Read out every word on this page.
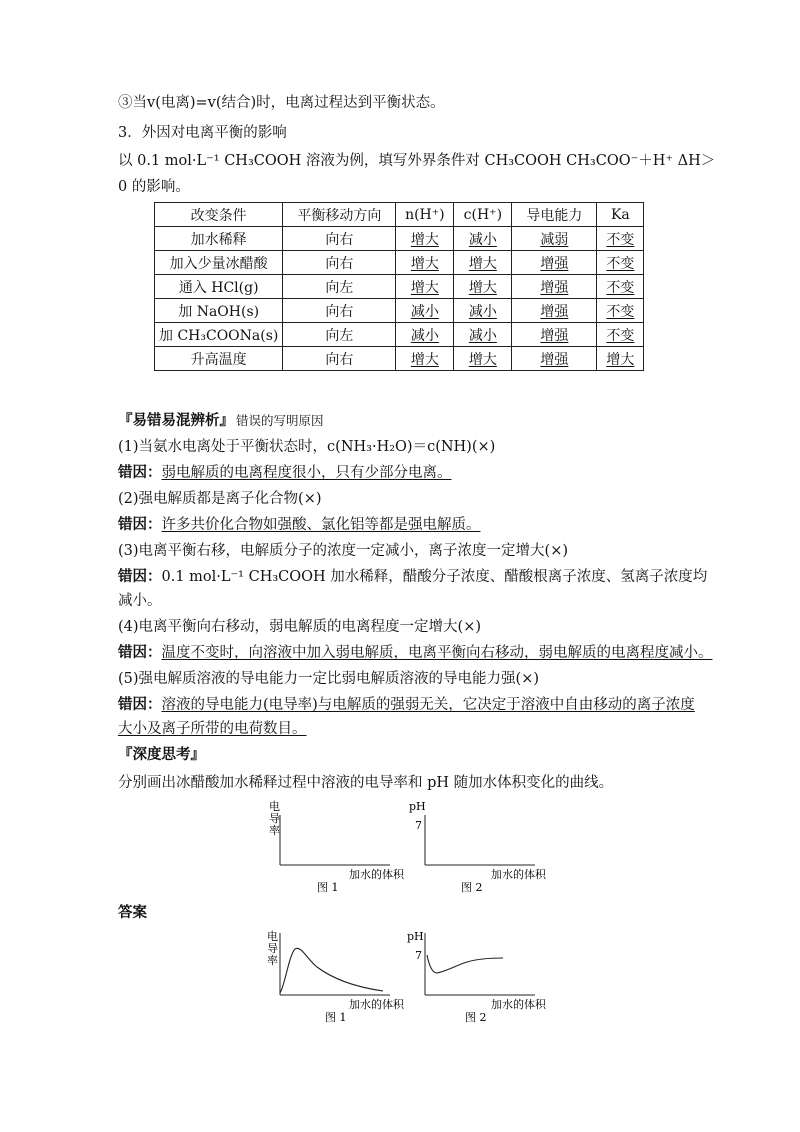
③当v(电离)=v(结合)时，电离过程达到平衡状态。
3．外因对电离平衡的影响
以 0.1 mol·L⁻¹ CH₃COOH 溶液为例，填写外界条件对 CH₃COOH CH₃COO⁻＋H⁺ ΔH＞
0 的影响。
改变条件	平衡移动方向	n(H⁺)	c(H⁺)	导电能力	Ka
加水稀释	向右	增大	减小	减弱	不变
加入少量冰醋酸	向右	增大	增大	增强	不变
通入 HCl(g)	向左	增大	增大	增强	不变
加 NaOH(s)	向右	减小	减小	增强	不变
加 CH₃COONa(s)	向左	减小	减小	增强	不变
升高温度	向右	增大	增大	增强	增大
『易错易混辨析』 错误的写明原因
(1)当氨水电离处于平衡状态时，c(NH₃·H₂O)＝c(NH)(×)
错因：弱电解质的电离程度很小，只有少部分电离。
(2)强电解质都是离子化合物(×)
错因：许多共价化合物如强酸、氯化铝等都是强电解质。
(3)电离平衡右移，电解质分子的浓度一定减小，离子浓度一定增大(×)
错因：0.1 mol·L⁻¹ CH₃COOH 加水稀释，醋酸分子浓度、醋酸根离子浓度、氢离子浓度均
减小。
(4)电离平衡向右移动，弱电解质的电离程度一定增大(×)
错因：温度不变时，向溶液中加入弱电解质，电离平衡向右移动，弱电解质的电离程度减小。
(5)强电解质溶液的导电能力一定比弱电解质溶液的导电能力强(×)
错因：溶液的导电能力(电导率)与电解质的强弱无关，它决定于溶液中自由移动的离子浓度
大小及离子所带的电荷数目。
『深度思考』
分别画出冰醋酸加水稀释过程中溶液的电导率和 pH 随加水体积变化的曲线。
答案
电
导
率
加水的体积
图 1
pH
7
加水的体积
图 2
电
导
率
加水的体积
图 1
pH
7
加水的体积
图 2
